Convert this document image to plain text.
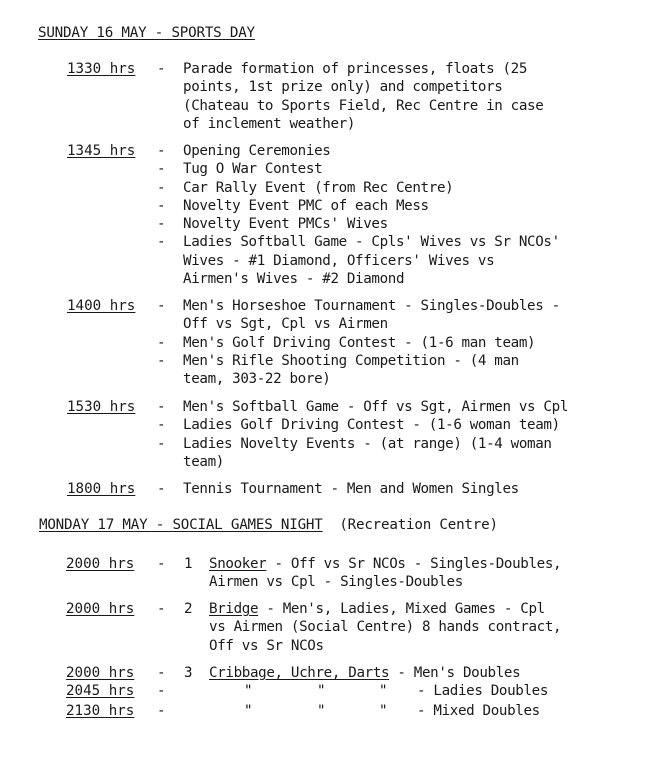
SUNDAY 16 MAY - SPORTS DAY
1330 hrs	-	Parade formation of princesses, floats (25
points, 1st prize only) and competitors
(Chateau to Sports Field, Rec Centre in case
of inclement weather)
1345 hrs	-	Opening Ceremonies
-	Tug O War Contest
-	Car Rally Event (from Rec Centre)
-	Novelty Event PMC of each Mess
-	Novelty Event PMCs' Wives
-	Ladies Softball Game - Cpls' Wives vs Sr NCOs'
Wives - #1 Diamond, Officers' Wives vs
Airmen's Wives - #2 Diamond
1400 hrs	-	Men's Horseshoe Tournament - Singles-Doubles -
Off vs Sgt, Cpl vs Airmen
-	Men's Golf Driving Contest - (1-6 man team)
-	Men's Rifle Shooting Competition - (4 man
team, 303-22 bore)
1530 hrs	-	Men's Softball Game - Off vs Sgt, Airmen vs Cpl
-	Ladies Golf Driving Contest - (1-6 woman team)
-	Ladies Novelty Events - (at range) (1-4 woman
team)
1800 hrs	-	Tennis Tournament - Men and Women Singles
MONDAY 17 MAY - SOCIAL GAMES NIGHT (Recreation Centre)
2000 hrs	-	1	Snooker - Off vs Sr NCOs - Singles-Doubles,
Airmen vs Cpl - Singles-Doubles
2000 hrs	-	2	Bridge - Men's, Ladies, Mixed Games - Cpl
vs Airmen (Social Centre) 8 hands contract,
Off vs Sr NCOs
2000 hrs	-	3	Cribbage, Uchre, Darts - Men's Doubles
2045 hrs	-	"	"	" - Ladies Doubles
2130 hrs	-	"	"	" - Mixed Doubles
